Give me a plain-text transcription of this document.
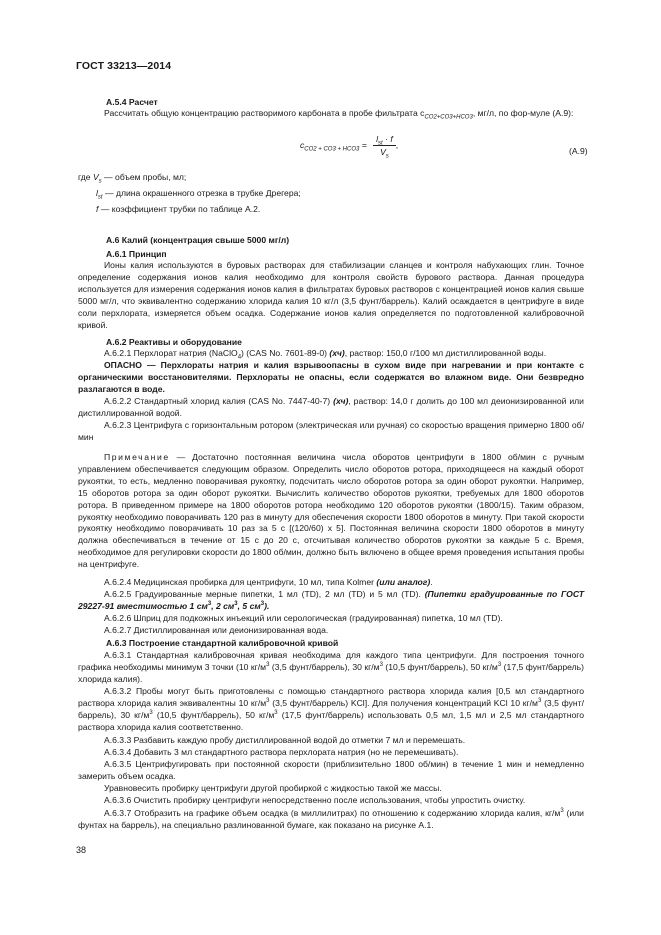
ГОСТ 33213—2014
А.5.4 Расчет
Рассчитать общую концентрацию растворимого карбоната в пробе фильтрата $c_{CO2+CO3+HCO3}$, мг/л, по фор-муле (А.9):
$c_{CO2 + CO3 + HCO3} = \frac{l_{st} \cdot f}{V_s}$ ,
(А.9)
где $V_s$ — объем пробы, мл;
$l_{st}$ — длина окрашенного отрезка в трубке Дрегера;
f — коэффициент трубки по таблице А.2.
А.6 Калий (концентрация свыше 5000 мг/л)
А.6.1 Принцип
Ионы калия используются в буровых растворах для стабилизации сланцев и контроля набухающих глин. Точное определение содержания ионов калия необходимо для контроля свойств бурового раствора. Данная процедура используется для измерения содержания ионов калия в фильтратах буровых растворов с концентрацией ионов калия свыше 5000 мг/л, что эквивалентно содержанию хлорида калия 10 кг/л (3,5 фунт/баррель). Калий осаждается в центрифуге в виде соли перхлората, измеряется объем осадка. Содержание ионов калия определяется по подготовленной калибровочной кривой.
А.6.2 Реактивы и оборудование
А.6.2.1 Перхлорат натрия (NaClO$_4$) (CAS No. 7601-89-0) (хч), раствор: 150,0 г/100 мл дистиллированной воды.
ОПАСНО — Перхлораты натрия и калия взрывоопасны в сухом виде при нагревании и при контакте с органическими восстановителями. Перхлораты не опасны, если содержатся во влажном виде. Они безвредно разлагаются в воде.
А.6.2.2 Стандартный хлорид калия (CAS No. 7447-40-7) (хч), раствор: 14,0 г долить до 100 мл деионизированной или дистиллированной водой.
А.6.2.3 Центрифуга с горизонтальным ротором (электрическая или ручная) со скоростью вращения примерно 1800 об/мин
Примечание — Достаточно постоянная величина числа оборотов центрифуги в 1800 об/мин с ручным управлением обеспечивается следующим образом. Определить число оборотов ротора, приходящееся на каждый оборот рукоятки, то есть, медленно поворачивая рукоятку, подсчитать число оборотов ротора за один оборот рукоятки. Например, 15 оборотов ротора за один оборот рукоятки. Вычислить количество оборотов рукоятки, требуемых для 1800 оборотов ротора. В приведенном примере на 1800 оборотов ротора необходимо 120 оборотов рукоятки (1800/15). Таким образом, рукоятку необходимо поворачивать 120 раз в минуту для обеспечения скорости 1800 оборотов в минуту. При такой скорости рукоятку необходимо поворачивать 10 раз за 5 с [(120/60) х 5]. Постоянная величина скорости 1800 оборотов в минуту должна обеспечиваться в течение от 15 с до 20 с, отсчитывая количество оборотов рукоятки за каждые 5 с. Время, необходимое для регулировки скорости до 1800 об/мин, должно быть включено в общее время проведения испытания пробы на центрифуге.
А.6.2.4 Медицинская пробирка для центрифуги, 10 мл, типа Kolmer (или аналог).
А.6.2.5 Градуированные мерные пипетки, 1 мл (TD), 2 мл (TD) и 5 мл (TD). (Пипетки градуированные по ГОСТ 29227-91 вместимостью 1 $см^3$, 2 $см^3$, 5 $см^3$).
А.6.2.6 Шприц для подкожных инъекций или серологическая (градуированная) пипетка, 10 мл (TD).
А.6.2.7 Дистиллированная или деионизированная вода.
А.6.3 Построение стандартной калибровочной кривой
А.6.3.1 Стандартная калибровочная кривая необходима для каждого типа центрифуги. Для построения точного графика необходимы минимум 3 точки (10 $кг/м^3$ (3,5 фунт/баррель), 30 $кг/м^3$ (10,5 фунт/баррель), 50 $кг/м^3$ (17,5 фунт/баррель) хлорида калия).
А.6.3.2 Пробы могут быть приготовлены с помощью стандартного раствора хлорида калия [0,5 мл стандартного раствора хлорида калия эквивалентны 10 $кг/м^3$ (3,5 фунт/баррель) KCl]. Для получения концентраций KCl 10 $кг/м^3$ (3,5 фунт/баррель), 30 $кг/м^3$ (10,5 фунт/баррель), 50 $кг/м^3$ (17,5 фунт/баррель) использовать 0,5 мл, 1,5 мл и 2,5 мл стандартного раствора хлорида калия соответственно.
А.6.3.3 Разбавить каждую пробу дистиллированной водой до отметки 7 мл и перемешать.
А.6.3.4 Добавить 3 мл стандартного раствора перхлората натрия (но не перемешивать).
А.6.3.5 Центрифугировать при постоянной скорости (приблизительно 1800 об/мин) в течение 1 мин и немедленно замерить объем осадка.
Уравновесить пробирку центрифуги другой пробиркой с жидкостью такой же массы.
А.6.3.6 Очистить пробирку центрифуги непосредственно после использования, чтобы упростить очистку.
А.6.3.7 Отобразить на графике объем осадка (в миллилитрах) по отношению к содержанию хлорида калия, $кг/м^3$ (или фунтах на баррель), на специально разлинованной бумаге, как показано на рисунке А.1.
38
